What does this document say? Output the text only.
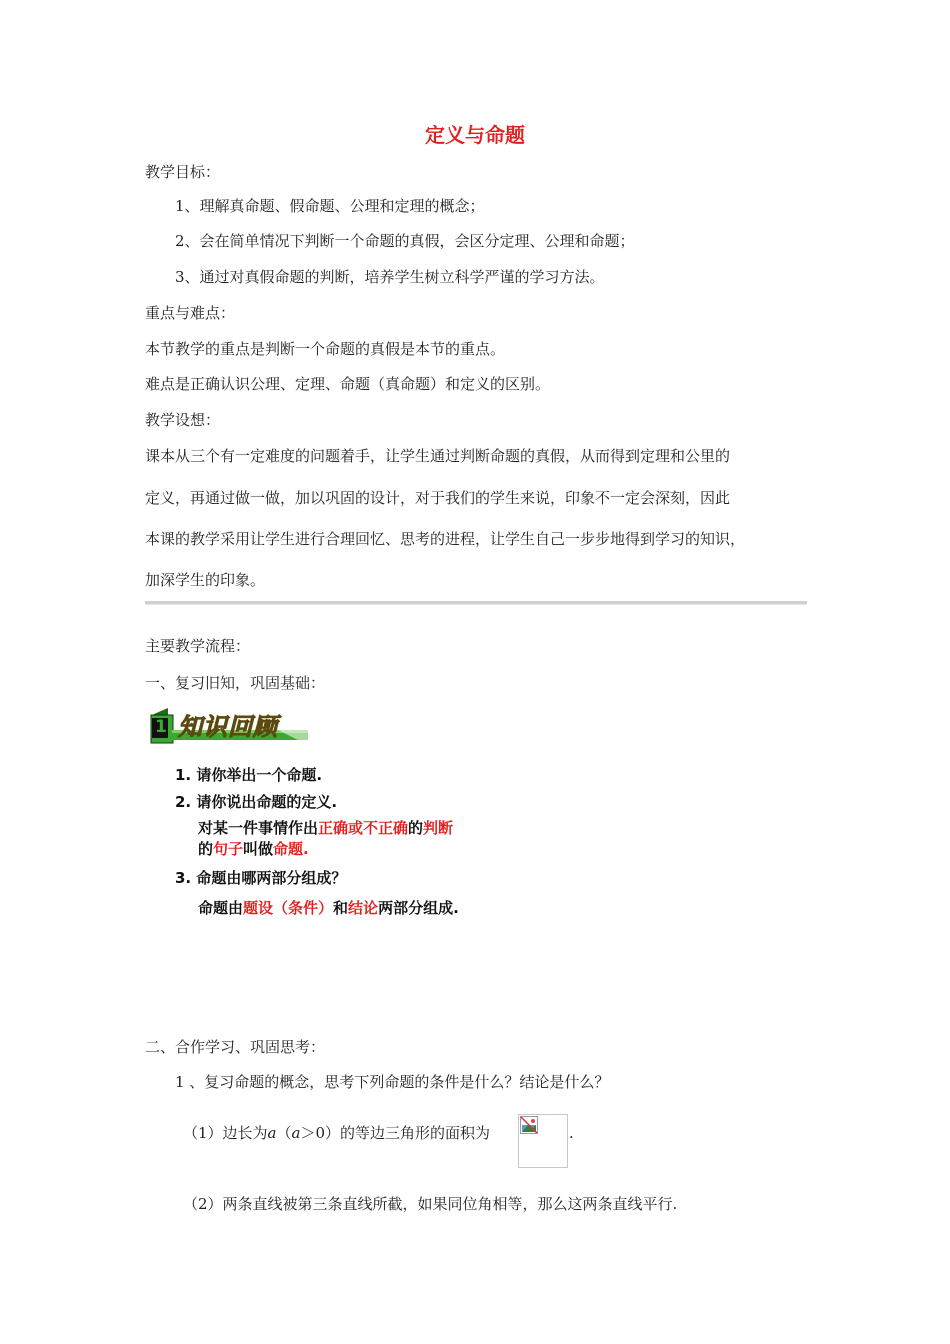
定义与命题
教学目标：
1、理解真命题、假命题、公理和定理的概念；
2、会在简单情况下判断一个命题的真假，会区分定理、公理和命题；
3、通过对真假命题的判断，培养学生树立科学严谨的学习方法。
重点与难点：
本节教学的重点是判断一个命题的真假是本节的重点。
难点是正确认识公理、定理、命题（真命题）和定义的区别。
教学设想：
课本从三个有一定难度的问题着手，让学生通过判断命题的真假，从而得到定理和公里的
定义，再通过做一做，加以巩固的设计，对于我们的学生来说，印象不一定会深刻，因此
本课的教学采用让学生进行合理回忆、思考的进程，让学生自己一步步地得到学习的知识，
加深学生的印象。
主要教学流程：
一、复习旧知，巩固基础：
1 知识回顾
1. 请你举出一个命题.
2. 请你说出命题的定义.
对某一件事情作出正确或不正确的判断
的句子叫做命题.
3. 命题由哪两部分组成？
命题由题设（条件）和结论两部分组成.
二、合作学习、巩固思考：
1 、复习命题的概念，思考下列命题的条件是什么？结论是什么？
（1）边长为a（a＞0）的等边三角形的面积为	.
（2）两条直线被第三条直线所截，如果同位角相等，那么这两条直线平行.
